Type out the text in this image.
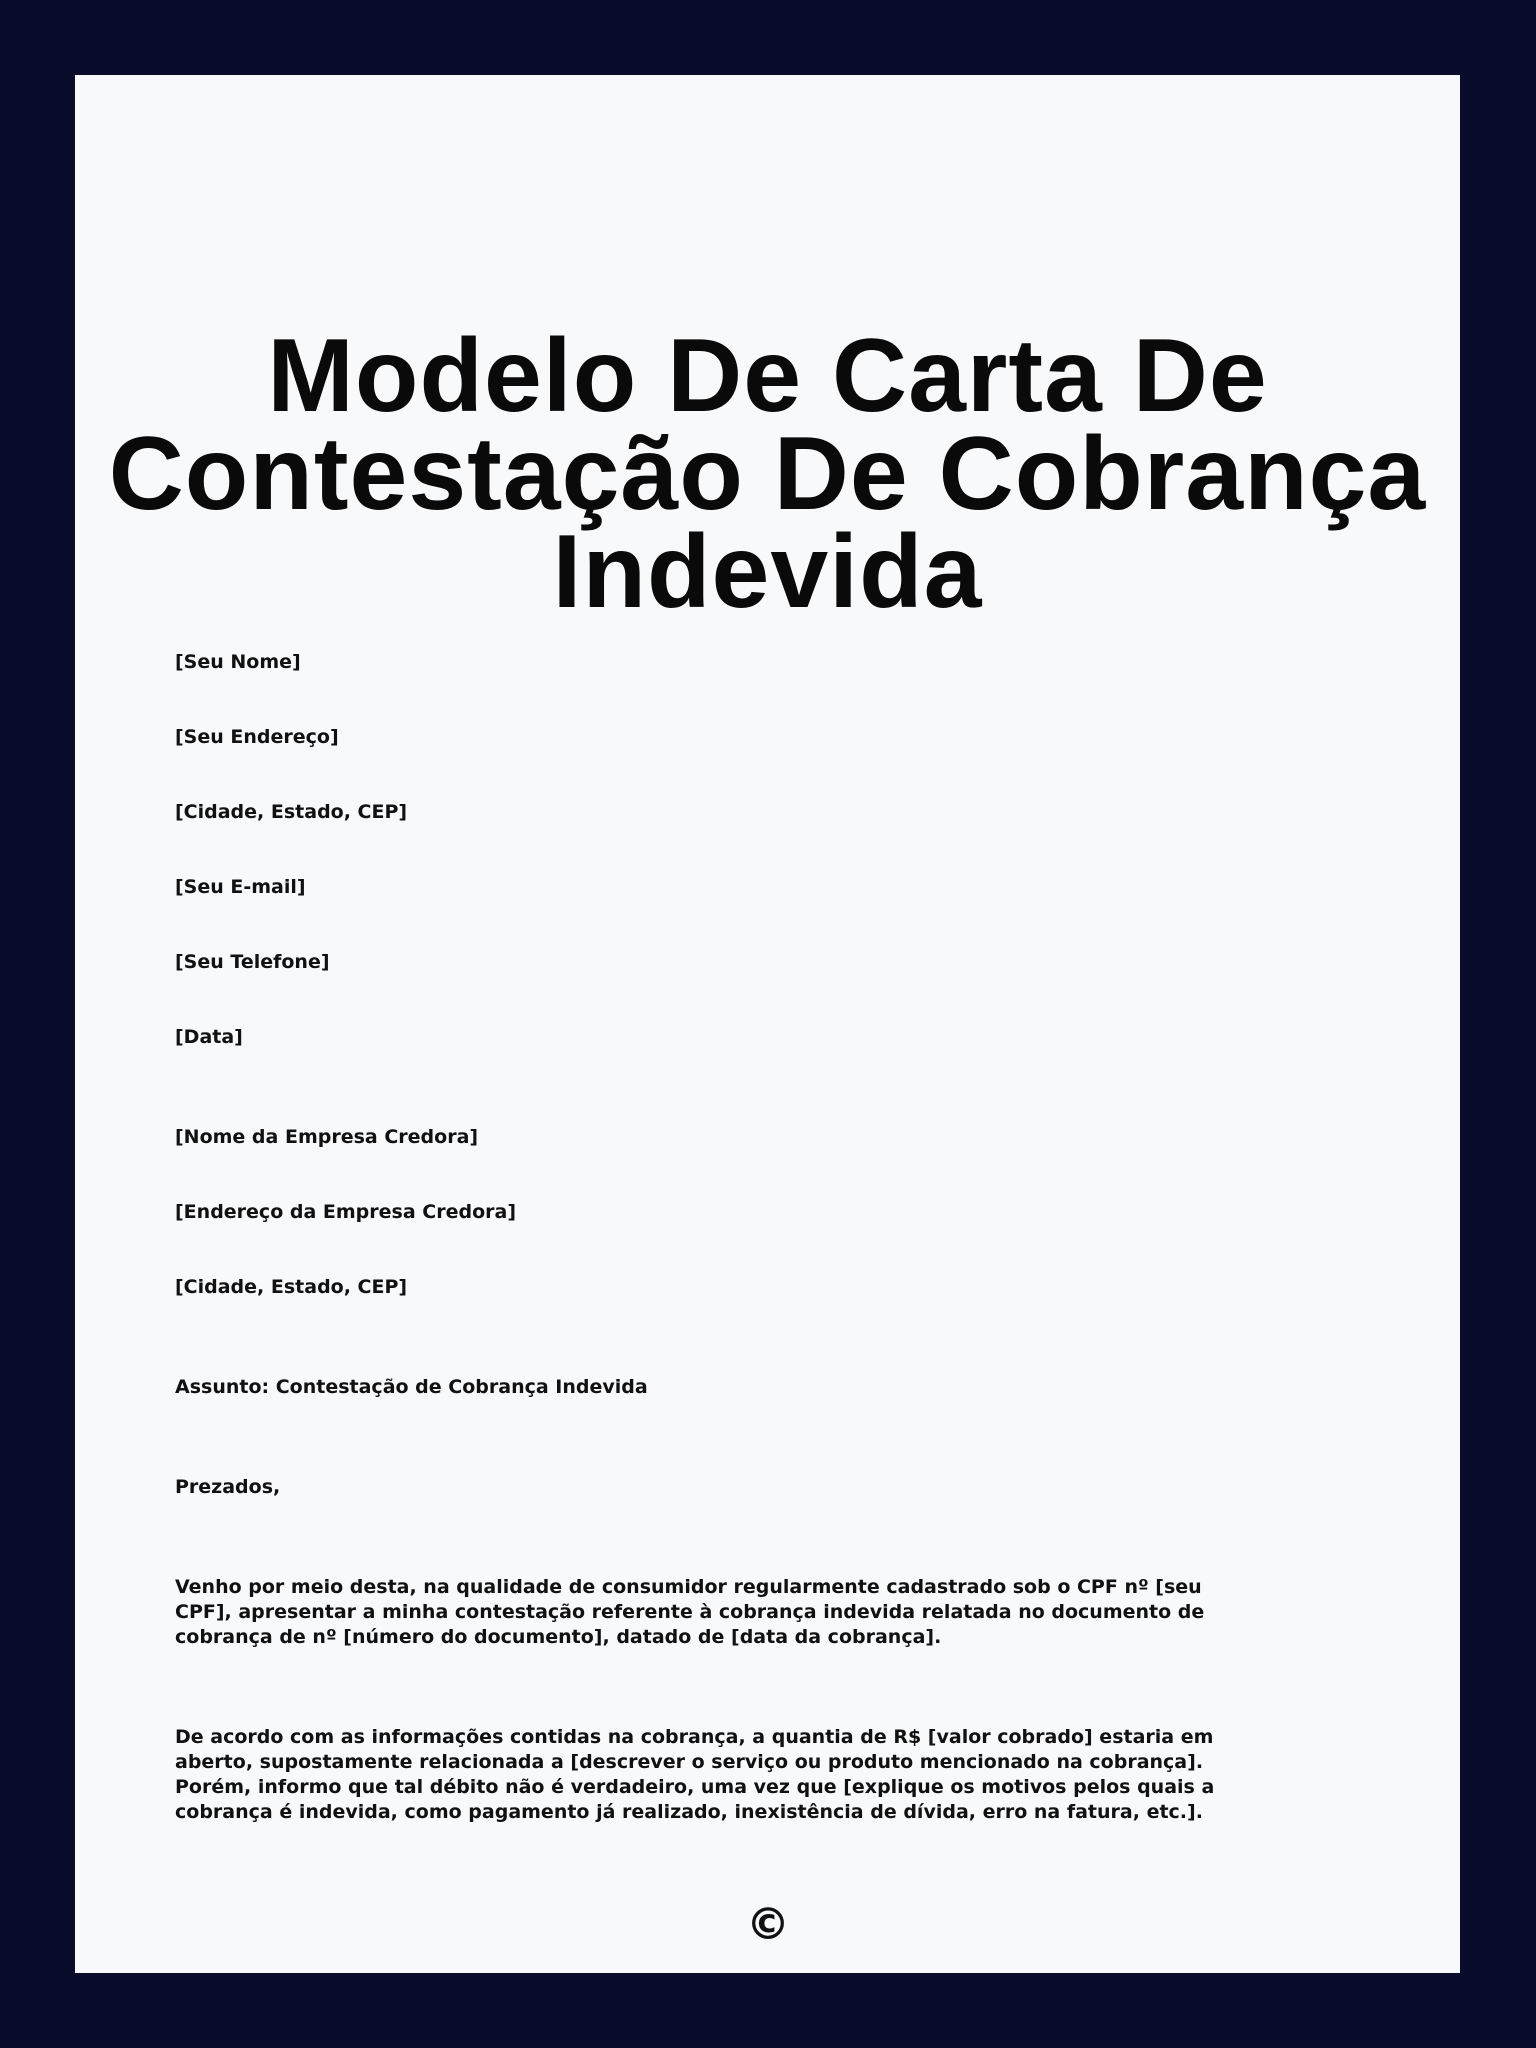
Modelo De Carta De Contestação De Cobrança Indevida
[Seu Nome]
[Seu Endereço]
[Cidade, Estado, CEP]
[Seu E-mail]
[Seu Telefone]
[Data]
[Nome da Empresa Credora]
[Endereço da Empresa Credora]
[Cidade, Estado, CEP]
Assunto: Contestação de Cobrança Indevida
Prezados,
Venho por meio desta, na qualidade de consumidor regularmente cadastrado sob o CPF nº [seu CPF], apresentar a minha contestação referente à cobrança indevida relatada no documento de cobrança de nº [número do documento], datado de [data da cobrança].
De acordo com as informações contidas na cobrança, a quantia de R$ [valor cobrado] estaria em aberto, supostamente relacionada a [descrever o serviço ou produto mencionado na cobrança]. Porém, informo que tal débito não é verdadeiro, uma vez que [explique os motivos pelos quais a cobrança é indevida, como pagamento já realizado, inexistência de dívida, erro na fatura, etc.].
©
